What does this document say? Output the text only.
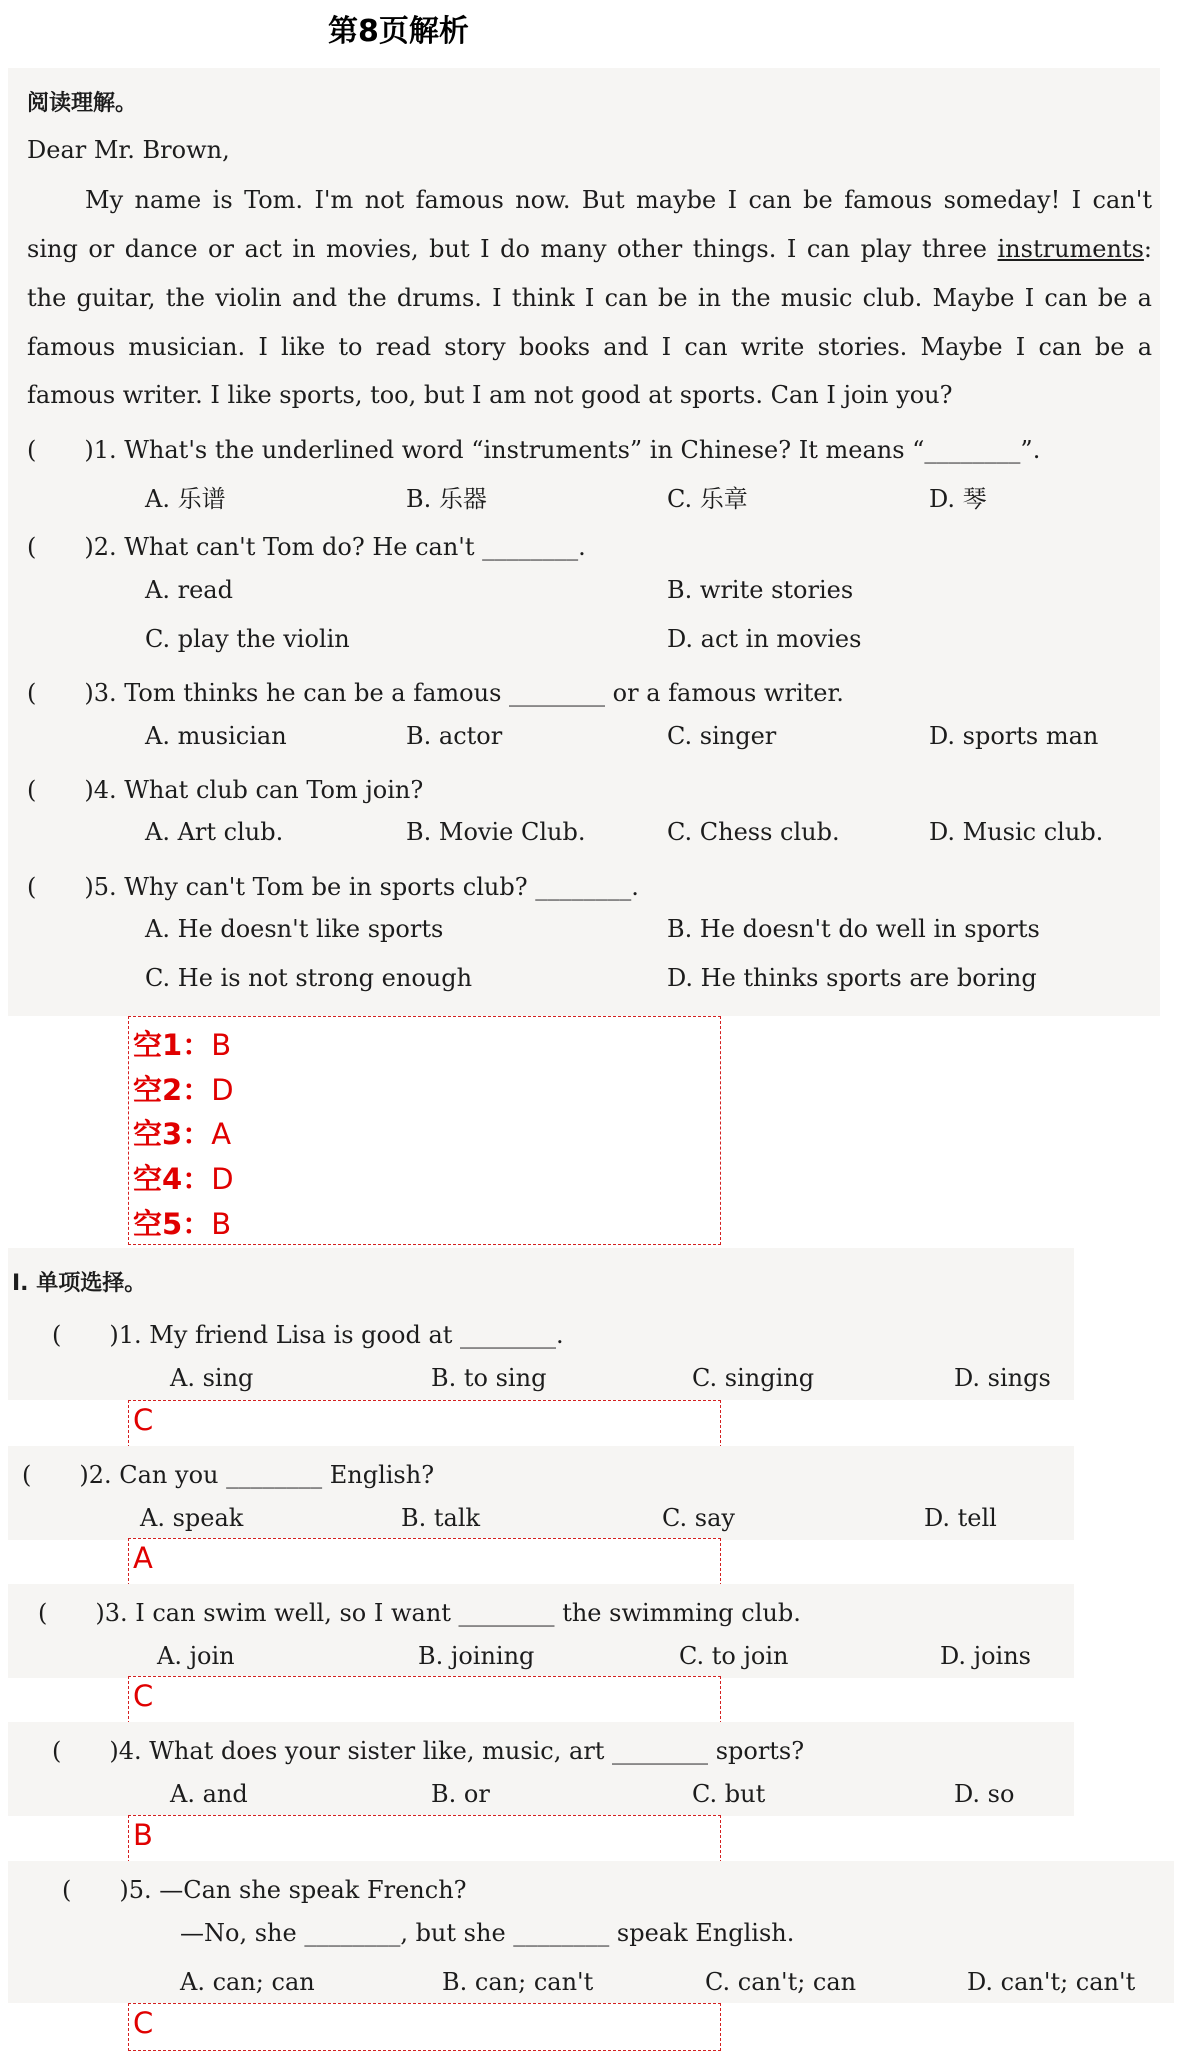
第8页解析
阅读理解。
Dear Mr. Brown,
My name is Tom. I'm not famous now. But maybe I can be famous someday! I can't
sing or dance or act in movies, but I do many other things. I can play three instruments:
the guitar, the violin and the drums. I think I can be in the music club. Maybe I can be a
famous musician. I like to read story books and I can write stories. Maybe I can be a
famous writer. I like sports, too, but I am not good at sports. Can I join you?
(　　)1. What's the underlined word “instruments” in Chinese? It means “________”.
A. 乐谱	B. 乐器	C. 乐章	D. 琴
(　　)2. What can't Tom do? He can't ________.
A. read	B. write stories
C. play the violin	D. act in movies
(　　)3. Tom thinks he can be a famous ________ or a famous writer.
A. musician	B. actor	C. singer	D. sports man
(　　)4. What club can Tom join?
A. Art club.	B. Movie Club.	C. Chess club.	D. Music club.
(　　)5. Why can't Tom be in sports club? ________.
A. He doesn't like sports	B. He doesn't do well in sports
C. He is not strong enough	D. He thinks sports are boring
空1：B
空2：D
空3：A
空4：D
空5：B
Ⅰ. 单项选择。
(　　)1. My friend Lisa is good at ________.
A. sing	B. to sing	C. singing	D. sings
C
(　　)2. Can you ________ English?
A. speak	B. talk	C. say	D. tell
A
(　　)3. I can swim well, so I want ________ the swimming club.
A. join	B. joining	C. to join	D. joins
C
(　　)4. What does your sister like, music, art ________ sports?
A. and	B. or	C. but	D. so
B
(　　)5. —Can she speak French?
—No, she ________, but she ________ speak English.
A. can; can	B. can; can't	C. can't; can	D. can't; can't
C
